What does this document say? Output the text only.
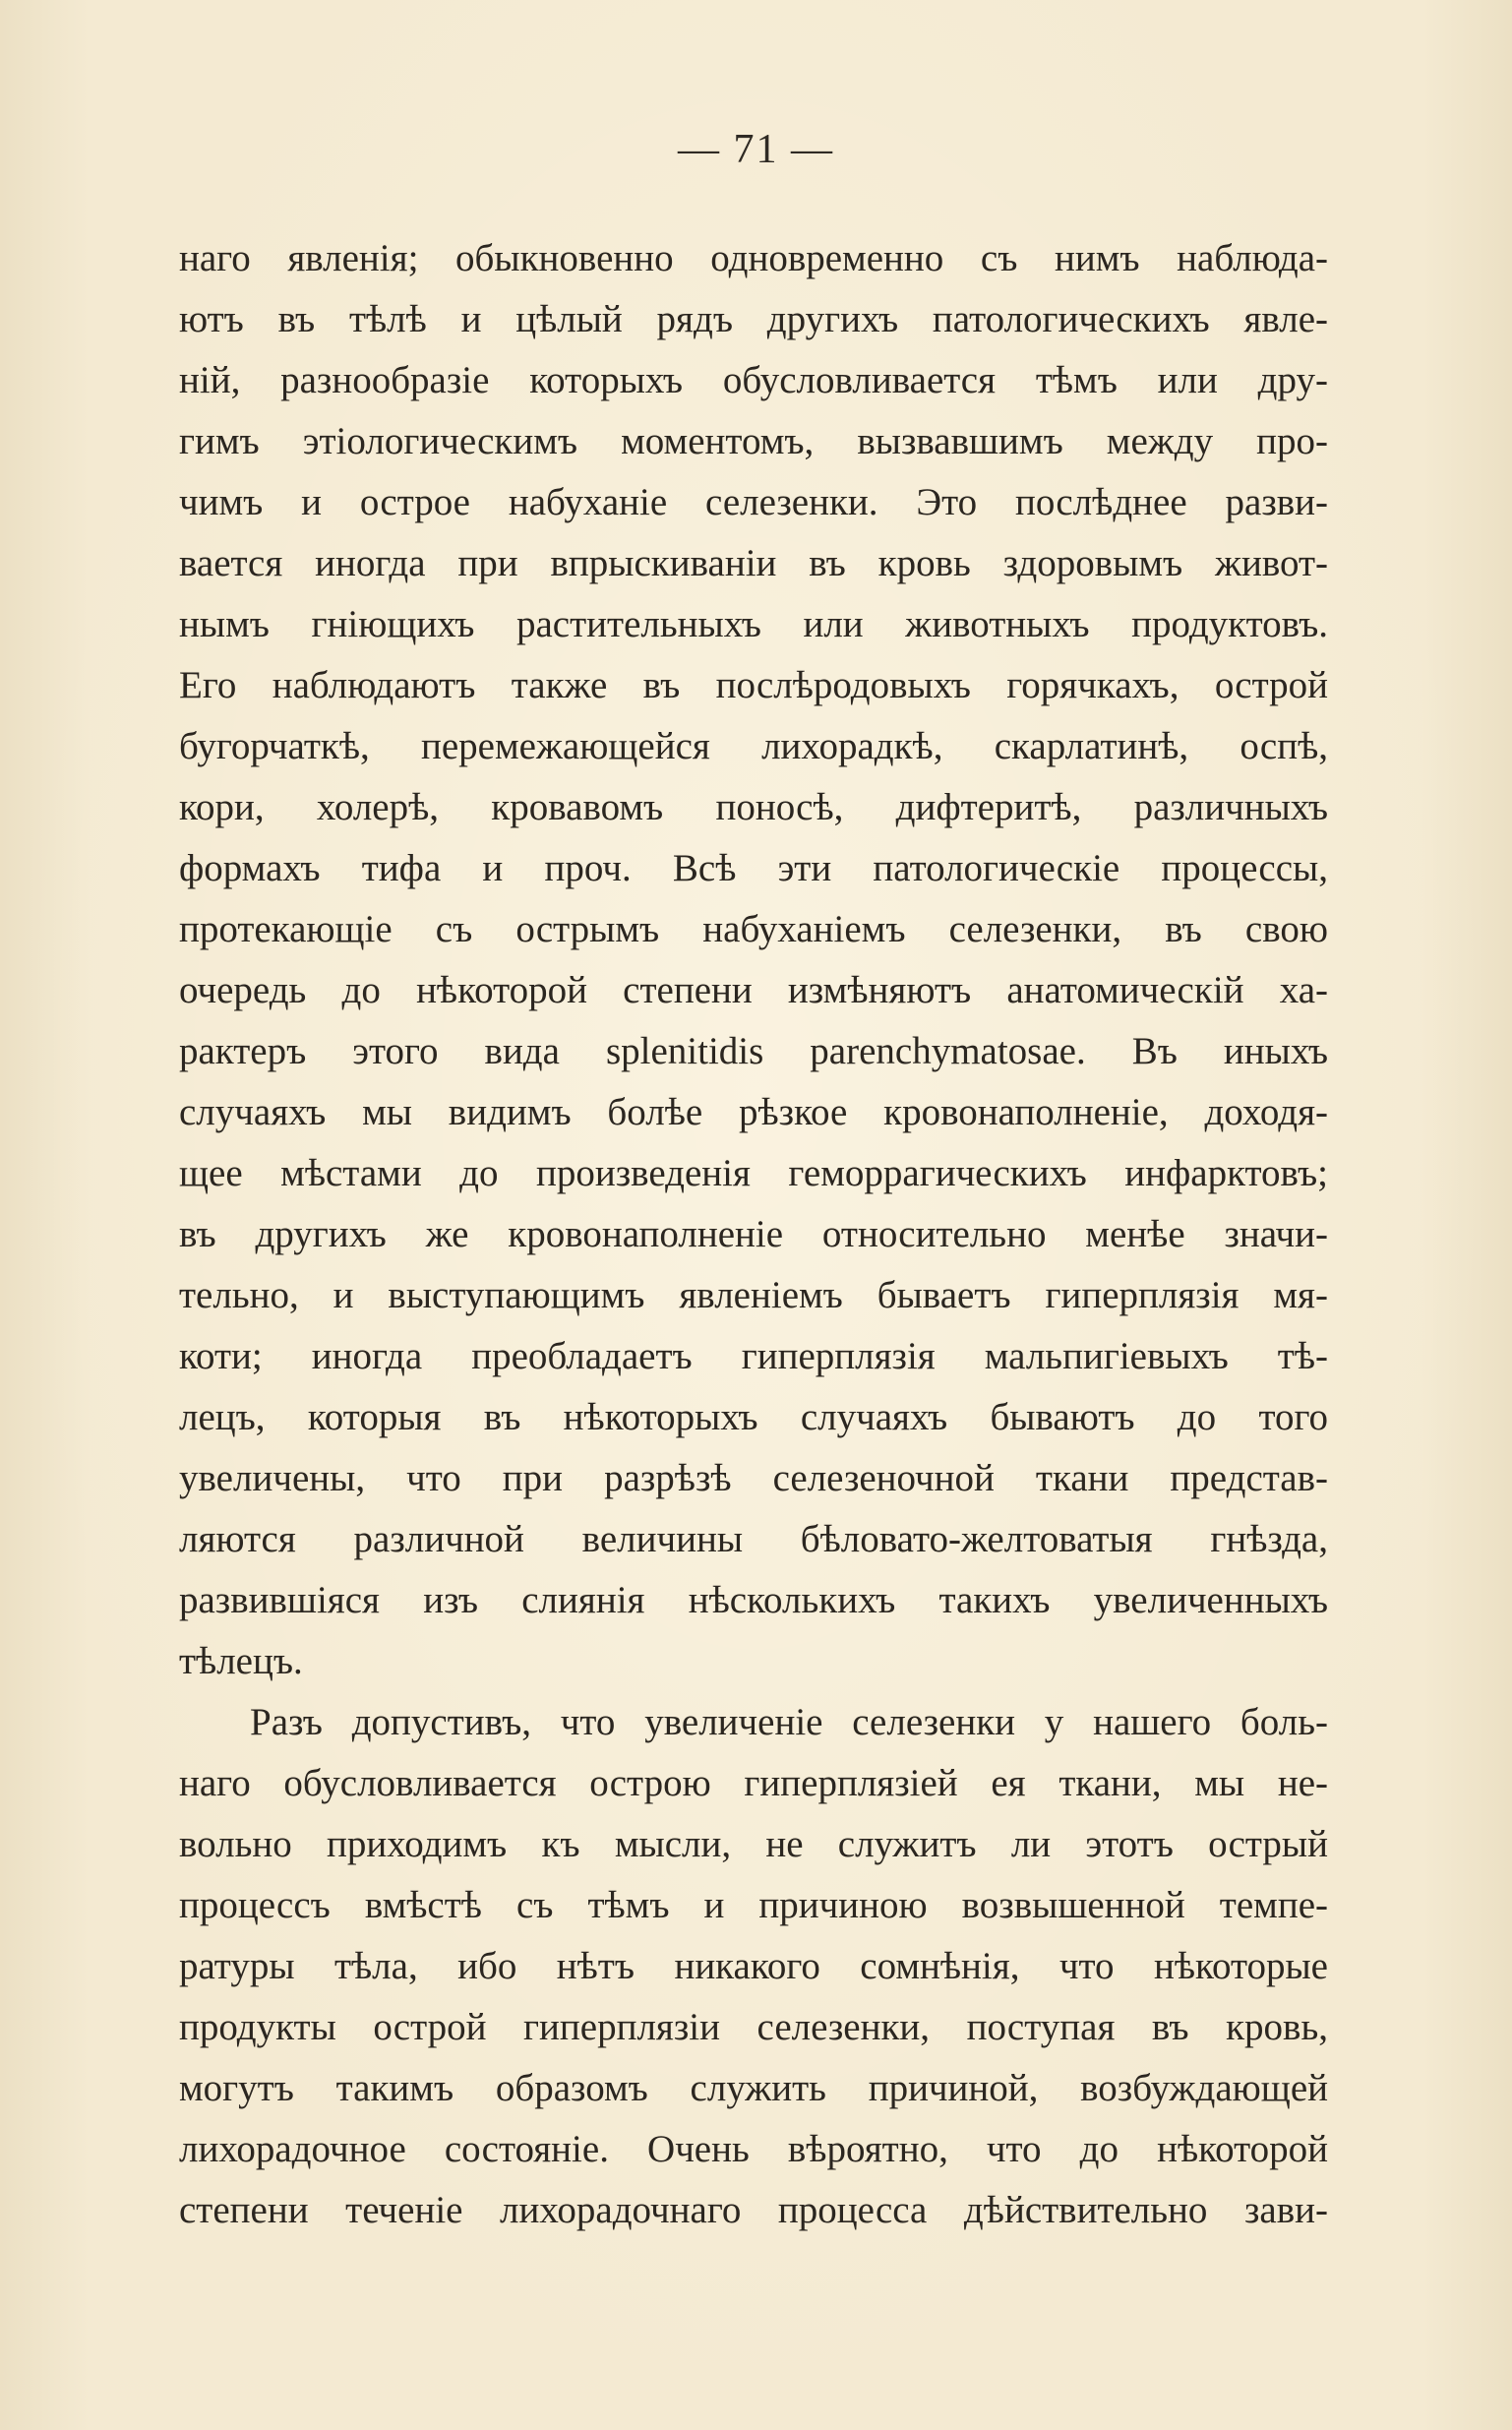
— 71 —
наго явленія; обыкновенно одновременно съ нимъ наблюда-
ютъ въ тѣлѣ и цѣлый рядъ другихъ патологическихъ явле-
ній, разнообразіе которыхъ обусловливается тѣмъ или дру-
гимъ этіологическимъ моментомъ, вызвавшимъ между про-
чимъ и острое набуханіе селезенки. Это послѣднее разви-
вается иногда при впрыскиваніи въ кровь здоровымъ живот-
нымъ гніющихъ растительныхъ или животныхъ продуктовъ.
Его наблюдаютъ также въ послѣродовыхъ горячкахъ, острой
бугорчаткѣ, перемежающейся лихорадкѣ, скарлатинѣ, оспѣ,
кори, холерѣ, кровавомъ поносѣ, дифтеритѣ, различныхъ
формахъ тифа и проч. Всѣ эти патологическіе процессы,
протекающіе съ острымъ набуханіемъ селезенки, въ свою
очередь до нѣкоторой степени измѣняютъ анатомическій ха-
рактеръ этого вида splenitidis parenchymatosae. Въ иныхъ
случаяхъ мы видимъ болѣе рѣзкое кровонаполненіе, доходя-
щее мѣстами до произведенія геморрагическихъ инфарктовъ;
въ другихъ же кровонаполненіе относительно менѣе значи-
тельно, и выступающимъ явленіемъ бываетъ гиперплязія мя-
коти; иногда преобладаетъ гиперплязія мальпигіевыхъ тѣ-
лецъ, которыя въ нѣкоторыхъ случаяхъ бываютъ до того
увеличены, что при разрѣзѣ селезеночной ткани представ-
ляются различной величины бѣловато-желтоватыя гнѣзда,
развившіяся изъ слиянія нѣсколькихъ такихъ увеличенныхъ
тѣлецъ.
Разъ допустивъ, что увеличеніе селезенки у нашего боль-
наго обусловливается острою гиперплязіей ея ткани, мы не-
вольно приходимъ къ мысли, не служитъ ли этотъ острый
процессъ вмѣстѣ съ тѣмъ и причиною возвышенной темпе-
ратуры тѣла, ибо нѣтъ никакого сомнѣнія, что нѣкоторые
продукты острой гиперплязіи селезенки, поступая въ кровь,
могутъ такимъ образомъ служить причиной, возбуждающей
лихорадочное состояніе. Очень вѣроятно, что до нѣкоторой
степени теченіе лихорадочнаго процесса дѣйствительно зави-
